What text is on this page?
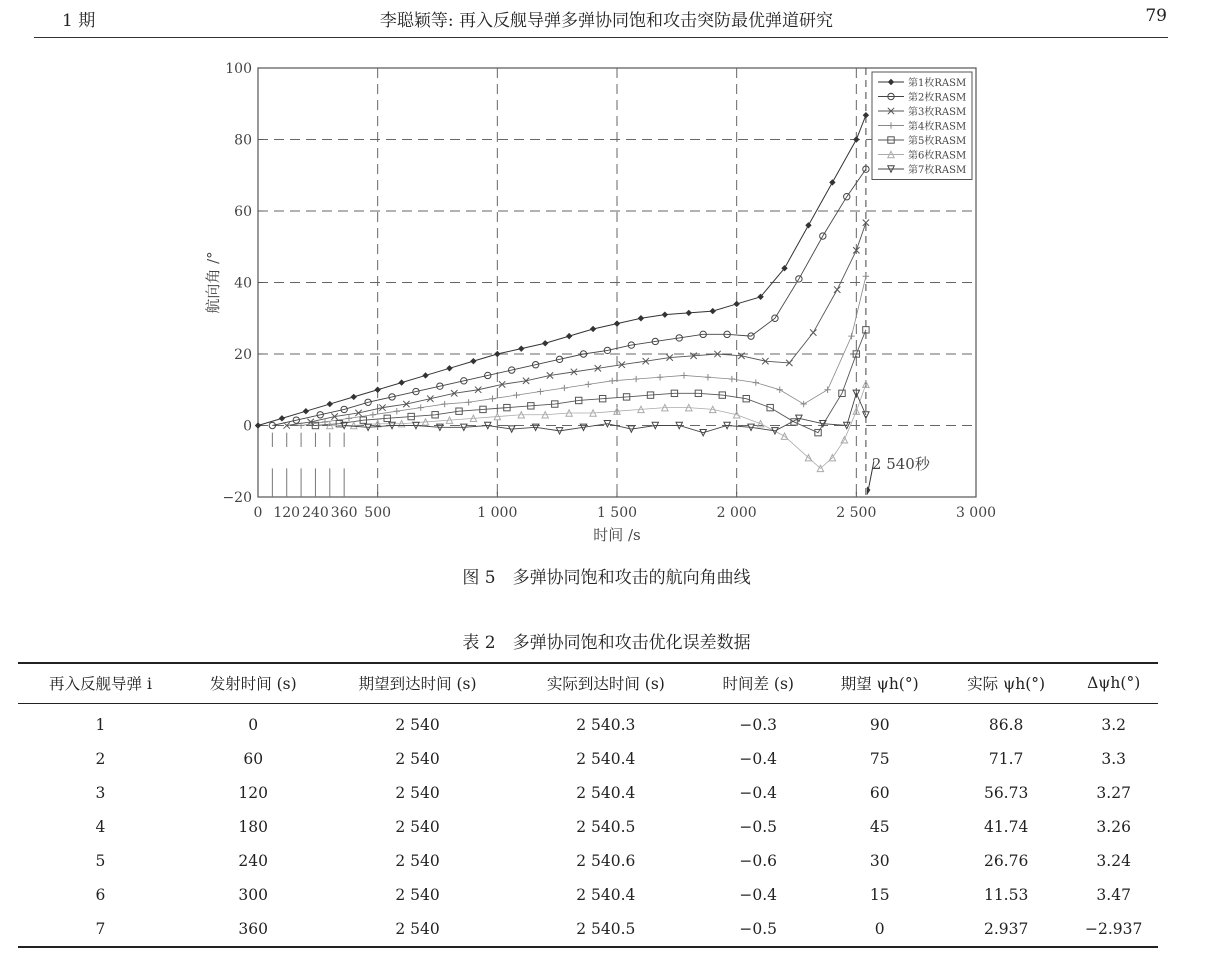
1 期	李聪颖等: 再入反舰导弹多弹协同饱和攻击突防最优弹道研究	79
0	500	1 000	1 500	2 000	2 500	3 000
−20
0
20
40
60
80
100
120 240 360
第1枚RASM
第2枚RASM
第3枚RASM
第4枚RASM
第5枚RASM
第6枚RASM
第7枚RASM
时间 /s
航向角 /°
2 540秒
图 5　多弹协同饱和攻击的航向角曲线
表 2　多弹协同饱和攻击优化误差数据
再入反舰导弹 i	发射时间 (s)	期望到达时间 (s)	实际到达时间 (s)	时间差 (s)	期望 ψh(°)	实际 ψh(°)	Δψh(°)
1	0	2 540	2 540.3	−0.3	90	86.8	3.2
2	60	2 540	2 540.4	−0.4	75	71.7	3.3
3	120	2 540	2 540.4	−0.4	60	56.73	3.27
4	180	2 540	2 540.5	−0.5	45	41.74	3.26
5	240	2 540	2 540.6	−0.6	30	26.76	3.24
6	300	2 540	2 540.4	−0.4	15	11.53	3.47
7	360	2 540	2 540.5	−0.5	0	2.937	−2.937
